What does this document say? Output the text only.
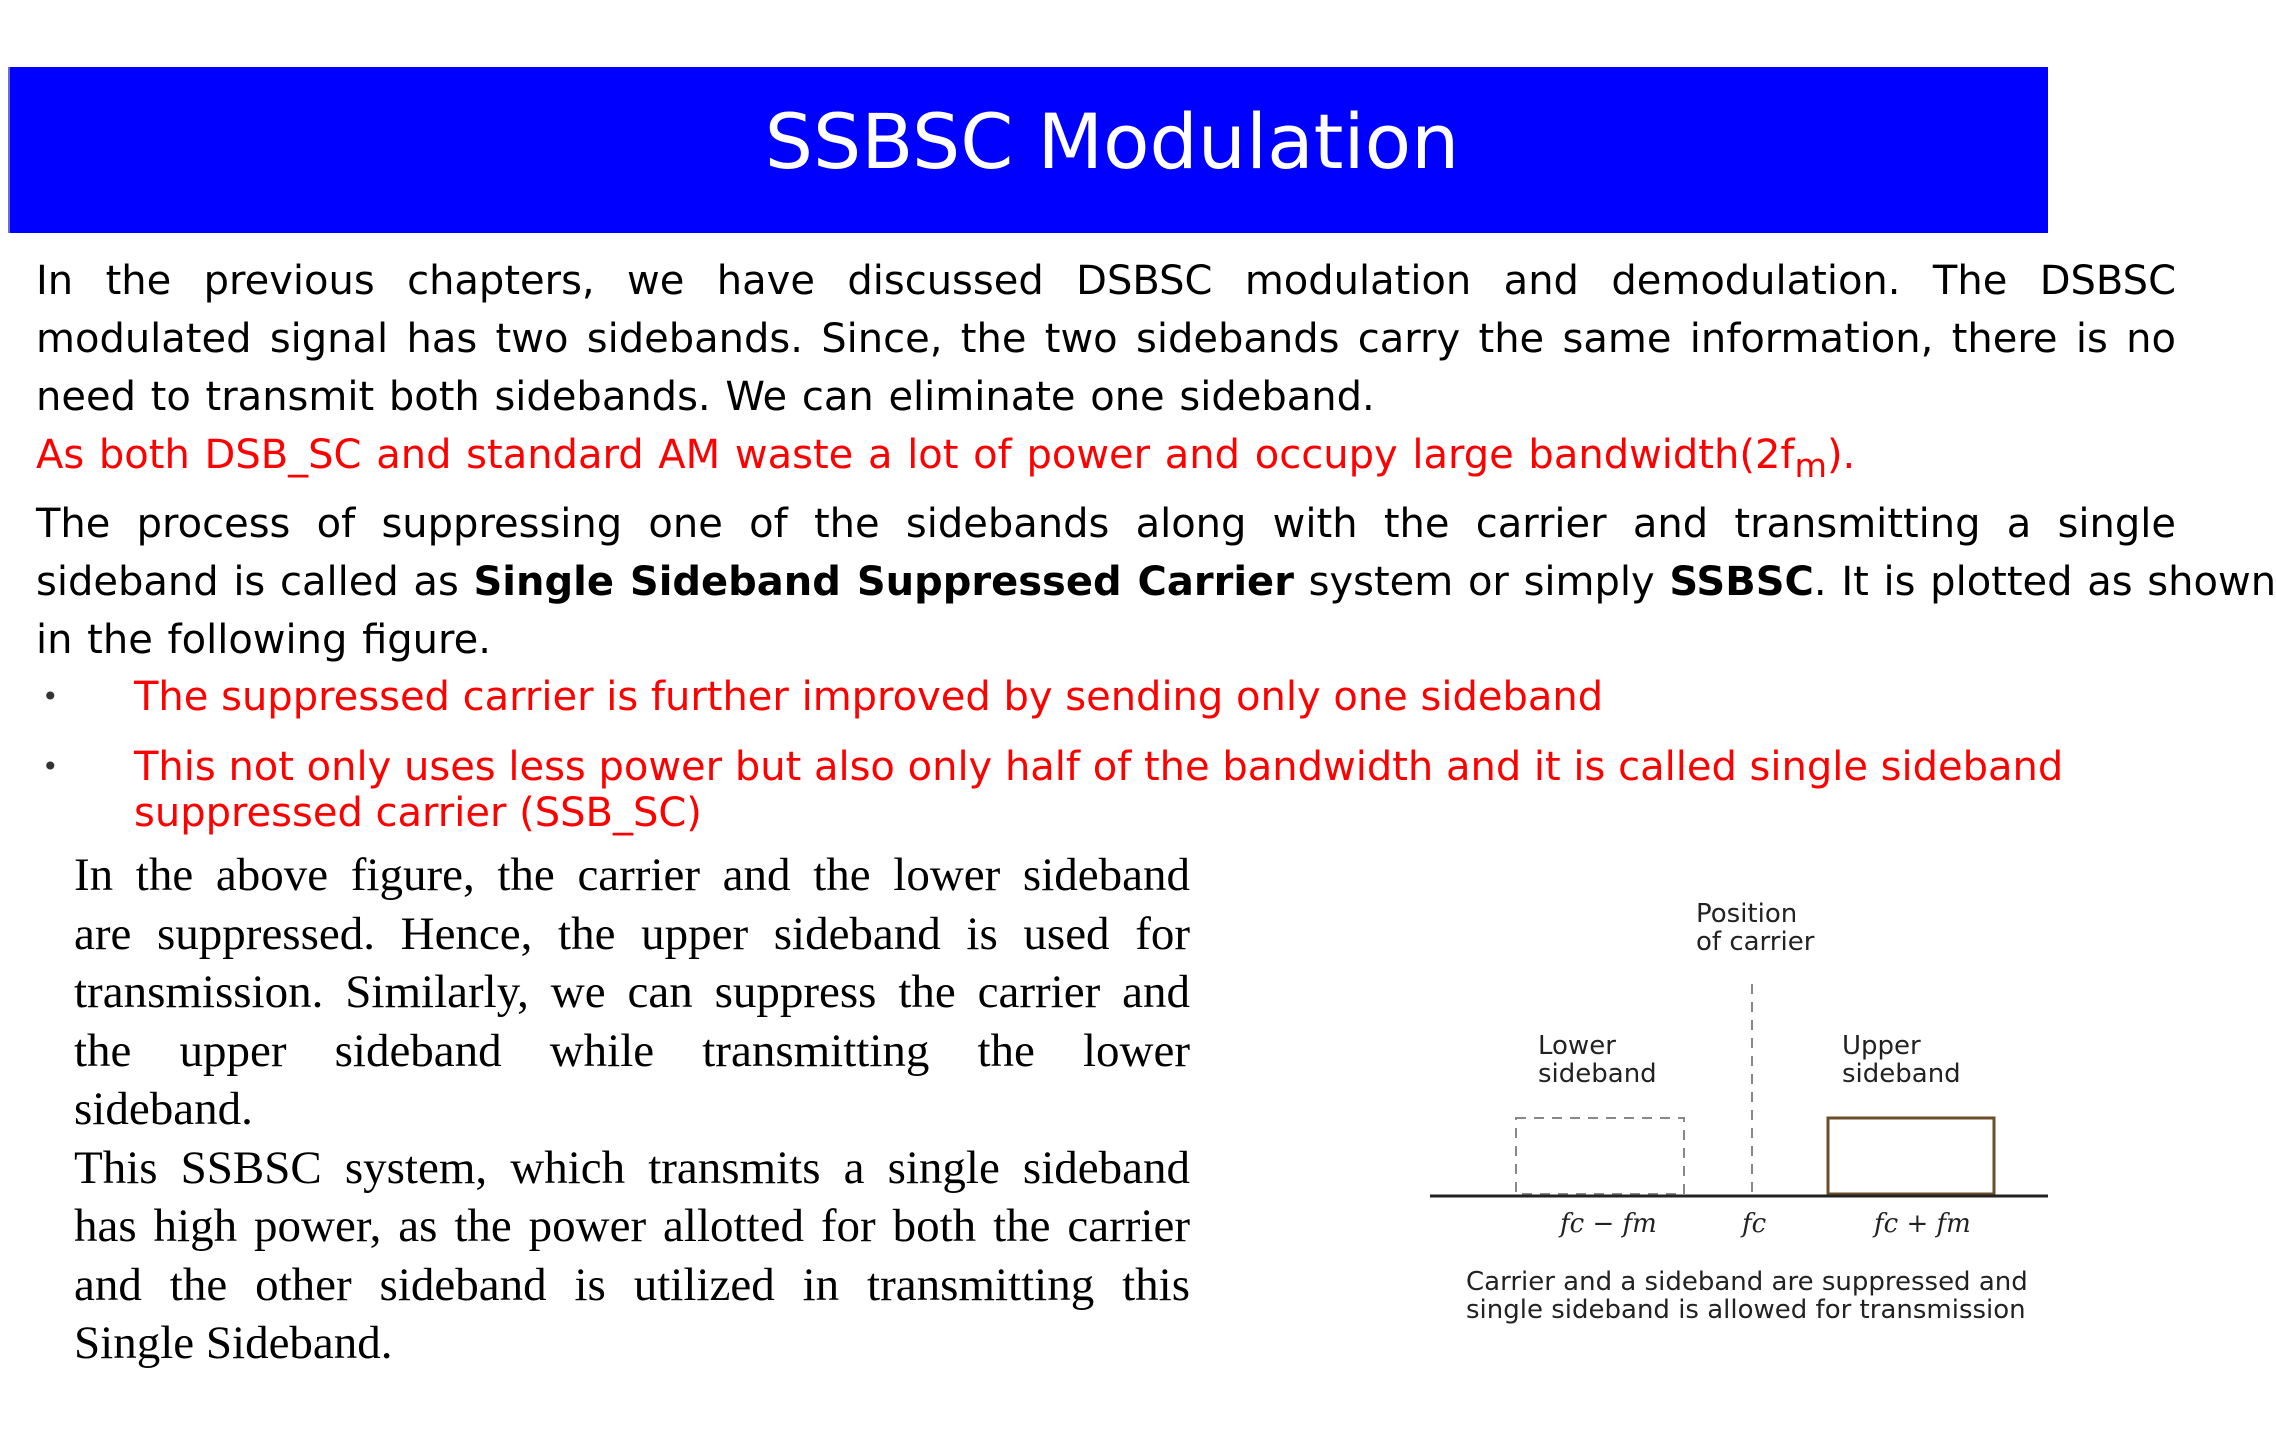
SSBSC Modulation
In the previous chapters, we have discussed DSBSC modulation and demodulation. The DSBSC
modulated signal has two sidebands. Since, the two sidebands carry the same information, there is no
need to transmit both sidebands. We can eliminate one sideband.
As both DSB_SC and standard AM waste a lot of power and occupy large $bandwidth(2f_m)$.
The process of suppressing one of the sidebands along with the carrier and transmitting a single
sideband is called as Single Sideband Suppressed Carrier system or simply SSBSC. It is plotted as shown
in the following figure.
• The suppressed carrier is further improved by sending only one sideband
• This not only uses less power but also only half of the bandwidth and it is called single sideband
suppressed carrier (SSB_SC)
In the above figure, the carrier and the lower sideband
are suppressed. Hence, the upper sideband is used for
transmission. Similarly, we can suppress the carrier and
the upper sideband while transmitting the lower
sideband.
This SSBSC system, which transmits a single sideband
has high power, as the power allotted for both the carrier
and the other sideband is utilized in transmitting this
Single Sideband.
Position
of carrier
Lower
sideband
Upper
sideband
fc − fm	fc	fc + fm
Carrier and a sideband are suppressed and
single sideband is allowed for transmission
